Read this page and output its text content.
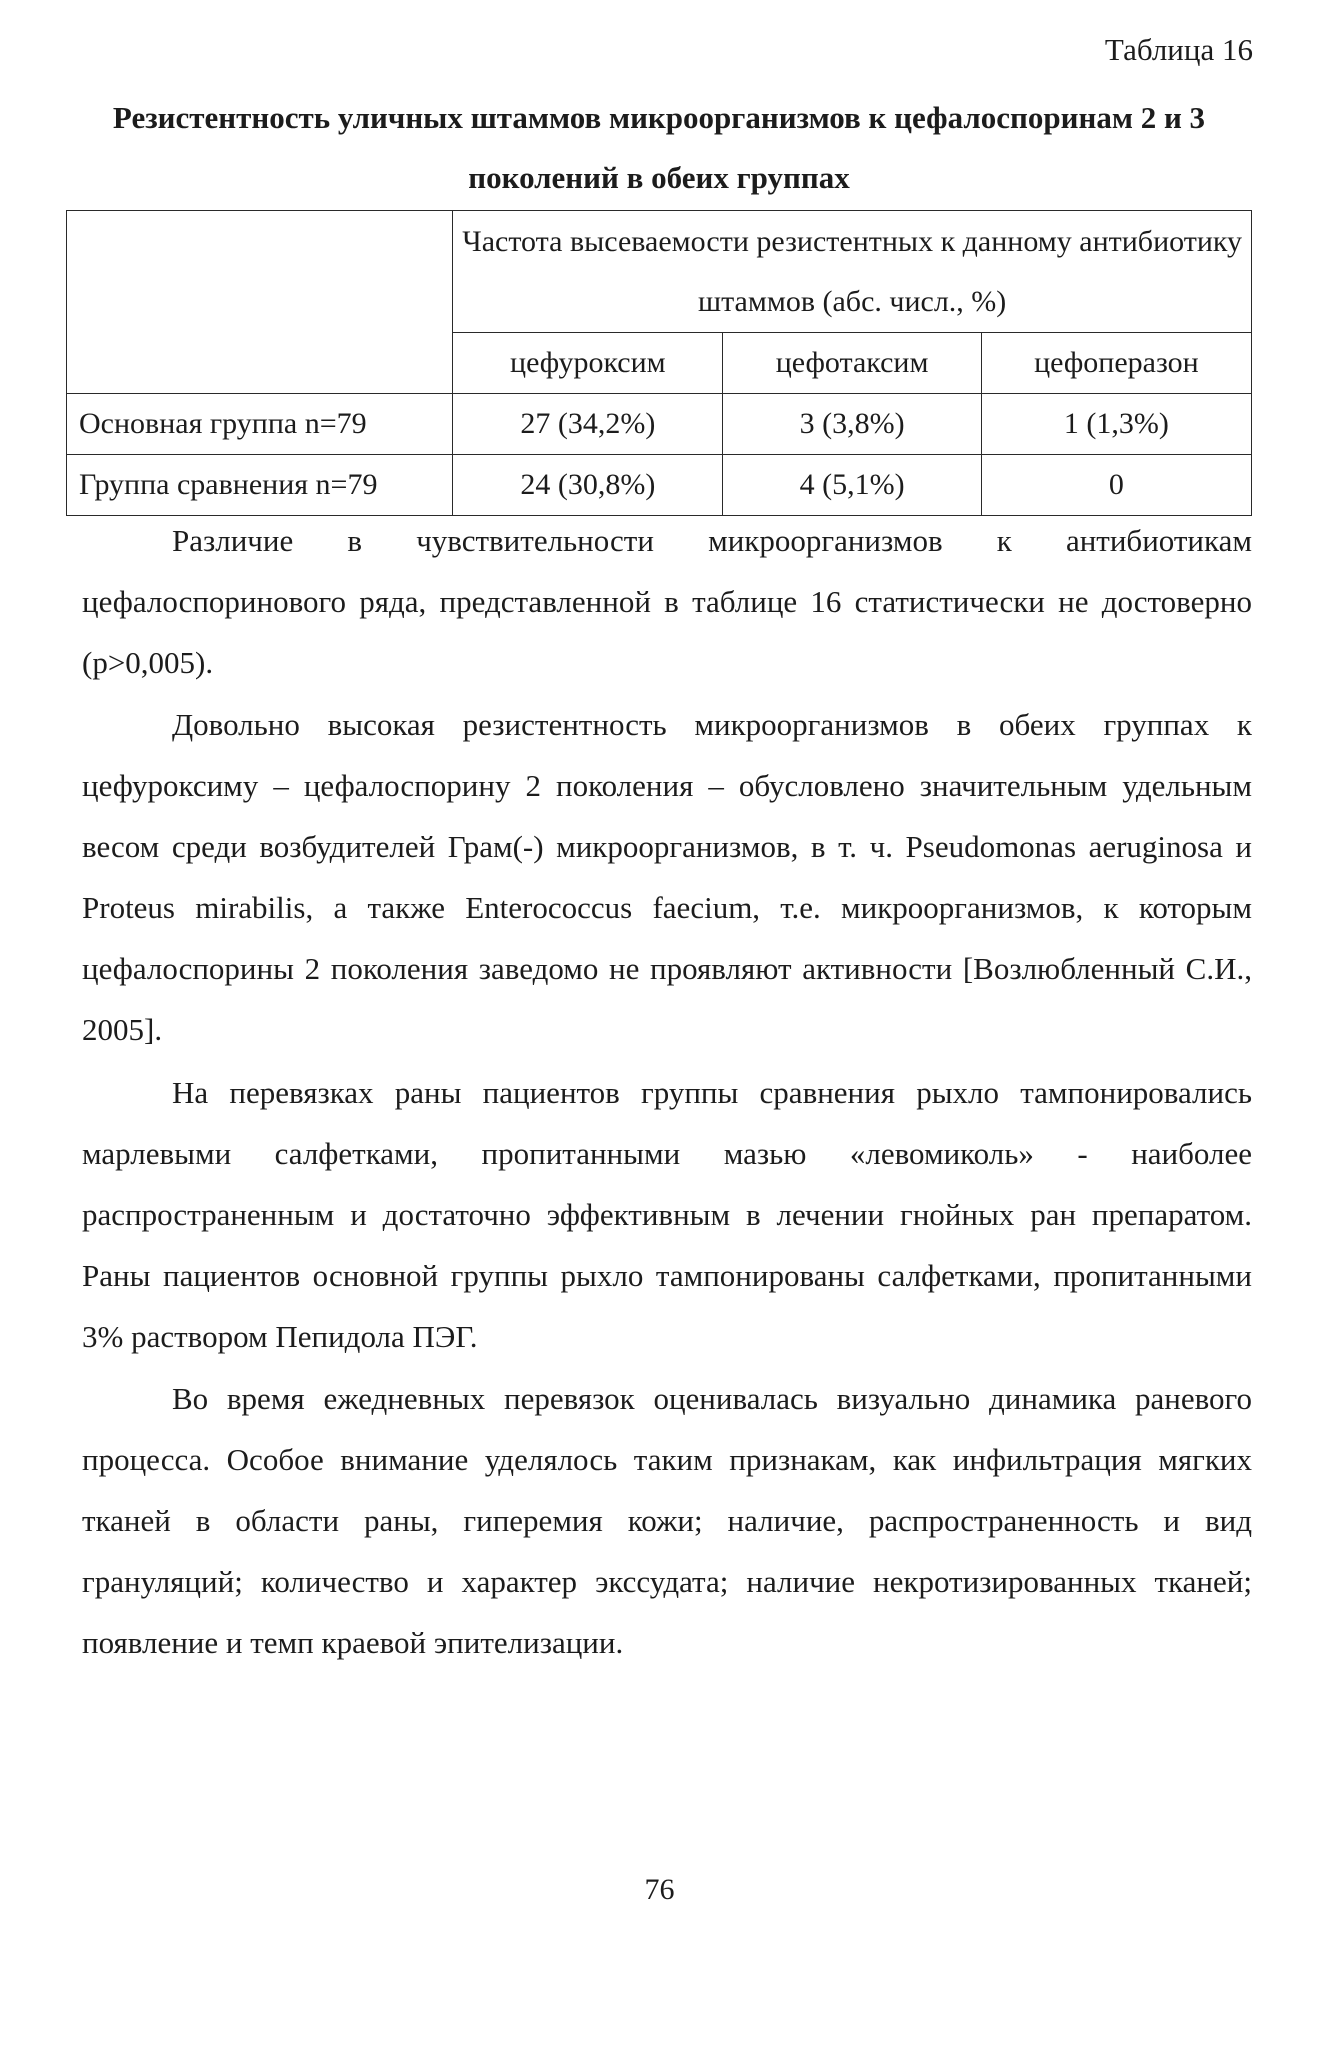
Таблица 16
Резистентность уличных штаммов микроорганизмов к цефалоспоринам 2 и 3 поколений в обеих группах
	Частота высеваемости резистентных к данному антибиотику штаммов (абс. числ., %)		
	цефуроксим	цефотаксим	цефоперазон
Основная группа n=79	27 (34,2%)	3 (3,8%)	1 (1,3%)
Группа сравнения n=79	24 (30,8%)	4 (5,1%)	0

Различие в чувствительности микроорганизмов к антибиотикам цефалоспоринового ряда, представленной в таблице 16 статистически не достоверно (р>0,005).

Довольно высокая резистентность микроорганизмов в обеих группах к цефуроксиму – цефалоспорину 2 поколения – обусловлено значительным удельным весом среди возбудителей Грам(-) микроорганизмов, в т. ч. Pseudomonas aeruginosa и Proteus mirabilis, а также Enterococcus faecium, т.е. микроорганизмов, к которым цефалоспорины 2 поколения заведомо не проявляют активности [Возлюбленный С.И., 2005].

На перевязках раны пациентов группы сравнения рыхло тампонировались марлевыми салфетками, пропитанными мазью «левомиколь» - наиболее распространенным и достаточно эффективным в лечении гнойных ран препаратом. Раны пациентов основной группы рыхло тампонированы салфетками, пропитанными 3% раствором Пепидола ПЭГ.

Во время ежедневных перевязок оценивалась визуально динамика раневого процесса. Особое внимание уделялось таким признакам, как инфильтрация мягких тканей в области раны, гиперемия кожи; наличие, распространенность и вид грануляций; количество и характер экссудата; наличие некротизированных тканей; появление и темп краевой эпителизации.

76
